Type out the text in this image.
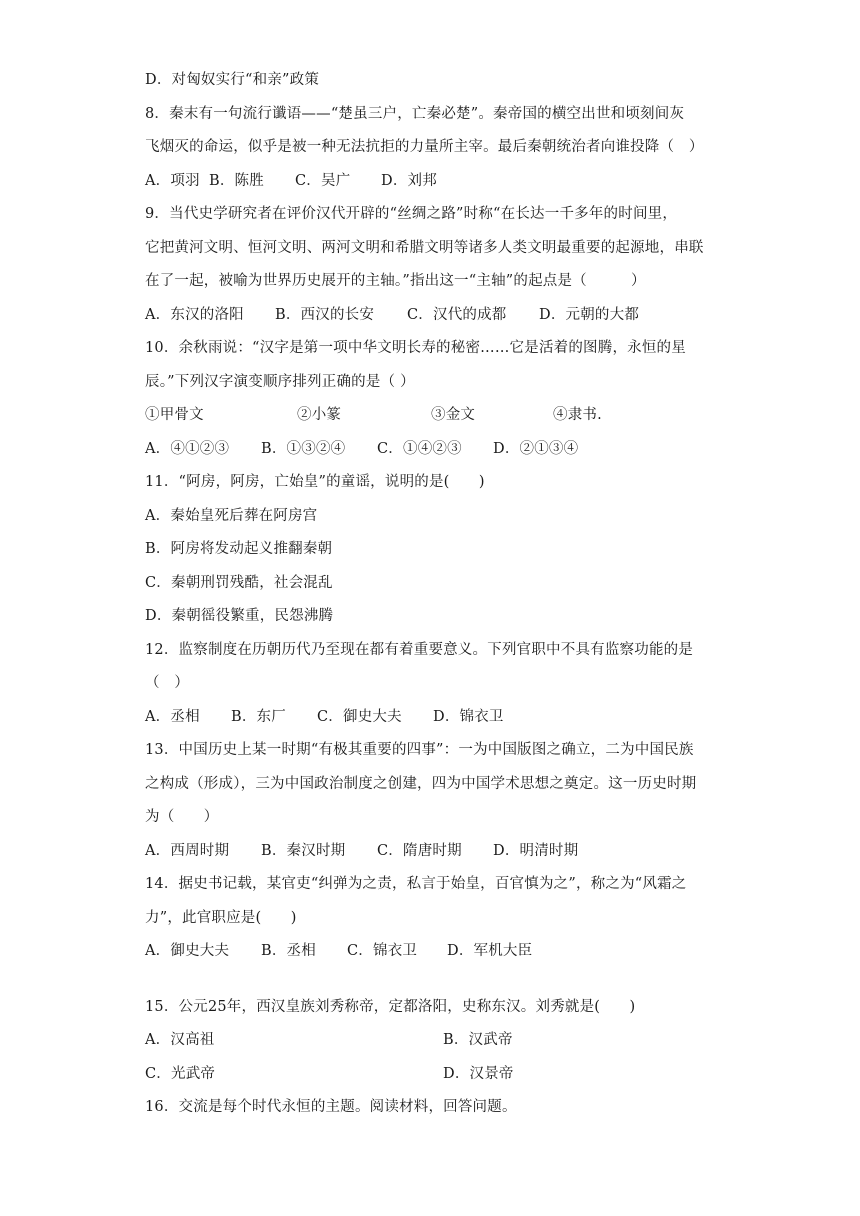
D．对匈奴实行“和亲”政策
8．秦末有一句流行谶语——“楚虽三户，亡秦必楚”。秦帝国的横空出世和顷刻间灰
飞烟灭的命运，似乎是被一种无法抗拒的力量所主宰。最后秦朝统治者向谁投降（　）
A．项羽 B．陈胜	C．吴广	D．刘邦
9．当代史学研究者在评价汉代开辟的“丝绸之路”时称“在长达一千多年的时间里，
它把黄河文明、恒河文明、两河文明和希腊文明等诸多人类文明最重要的起源地，串联
在了一起，被喻为世界历史展开的主轴。”指出这一“主轴”的起点是（　　　）
A．东汉的洛阳	B．西汉的长安	C．汉代的成都	D．元朝的大都
10．余秋雨说：“汉字是第一项中华文明长寿的秘密……它是活着的图腾，永恒的星
辰。”下列汉字演变顺序排列正确的是（ ）
①甲骨文	②小篆	③金文	④隶书.
A．④①②③	B．①③②④	C．①④②③	D．②①③④
11．“阿房，阿房，亡始皇”的童谣，说明的是(　　)
A．秦始皇死后葬在阿房宫
B．阿房将发动起义推翻秦朝
C．秦朝刑罚残酷，社会混乱
D．秦朝徭役繁重，民怨沸腾
12．监察制度在历朝历代乃至现在都有着重要意义。下列官职中不具有监察功能的是
（　）
A．丞相	B．东厂	C．御史大夫	D．锦衣卫
13．中国历史上某一时期“有极其重要的四事”：一为中国版图之确立，二为中国民族
之构成（形成），三为中国政治制度之创建，四为中国学术思想之奠定。这一历史时期
为（　　）
A．西周时期	B．秦汉时期	C．隋唐时期	D．明清时期
14．据史书记载，某官吏“纠弹为之责，私言于始皇，百官慎为之”，称之为“风霜之
力”，此官职应是(　　)
A．御史大夫	B．丞相	C．锦衣卫	D．军机大臣
15．公元25年，西汉皇族刘秀称帝，定都洛阳，史称东汉。刘秀就是(　　)
A．汉高祖	B．汉武帝
C．光武帝	D．汉景帝
16．交流是每个时代永恒的主题。阅读材料，回答问题。
